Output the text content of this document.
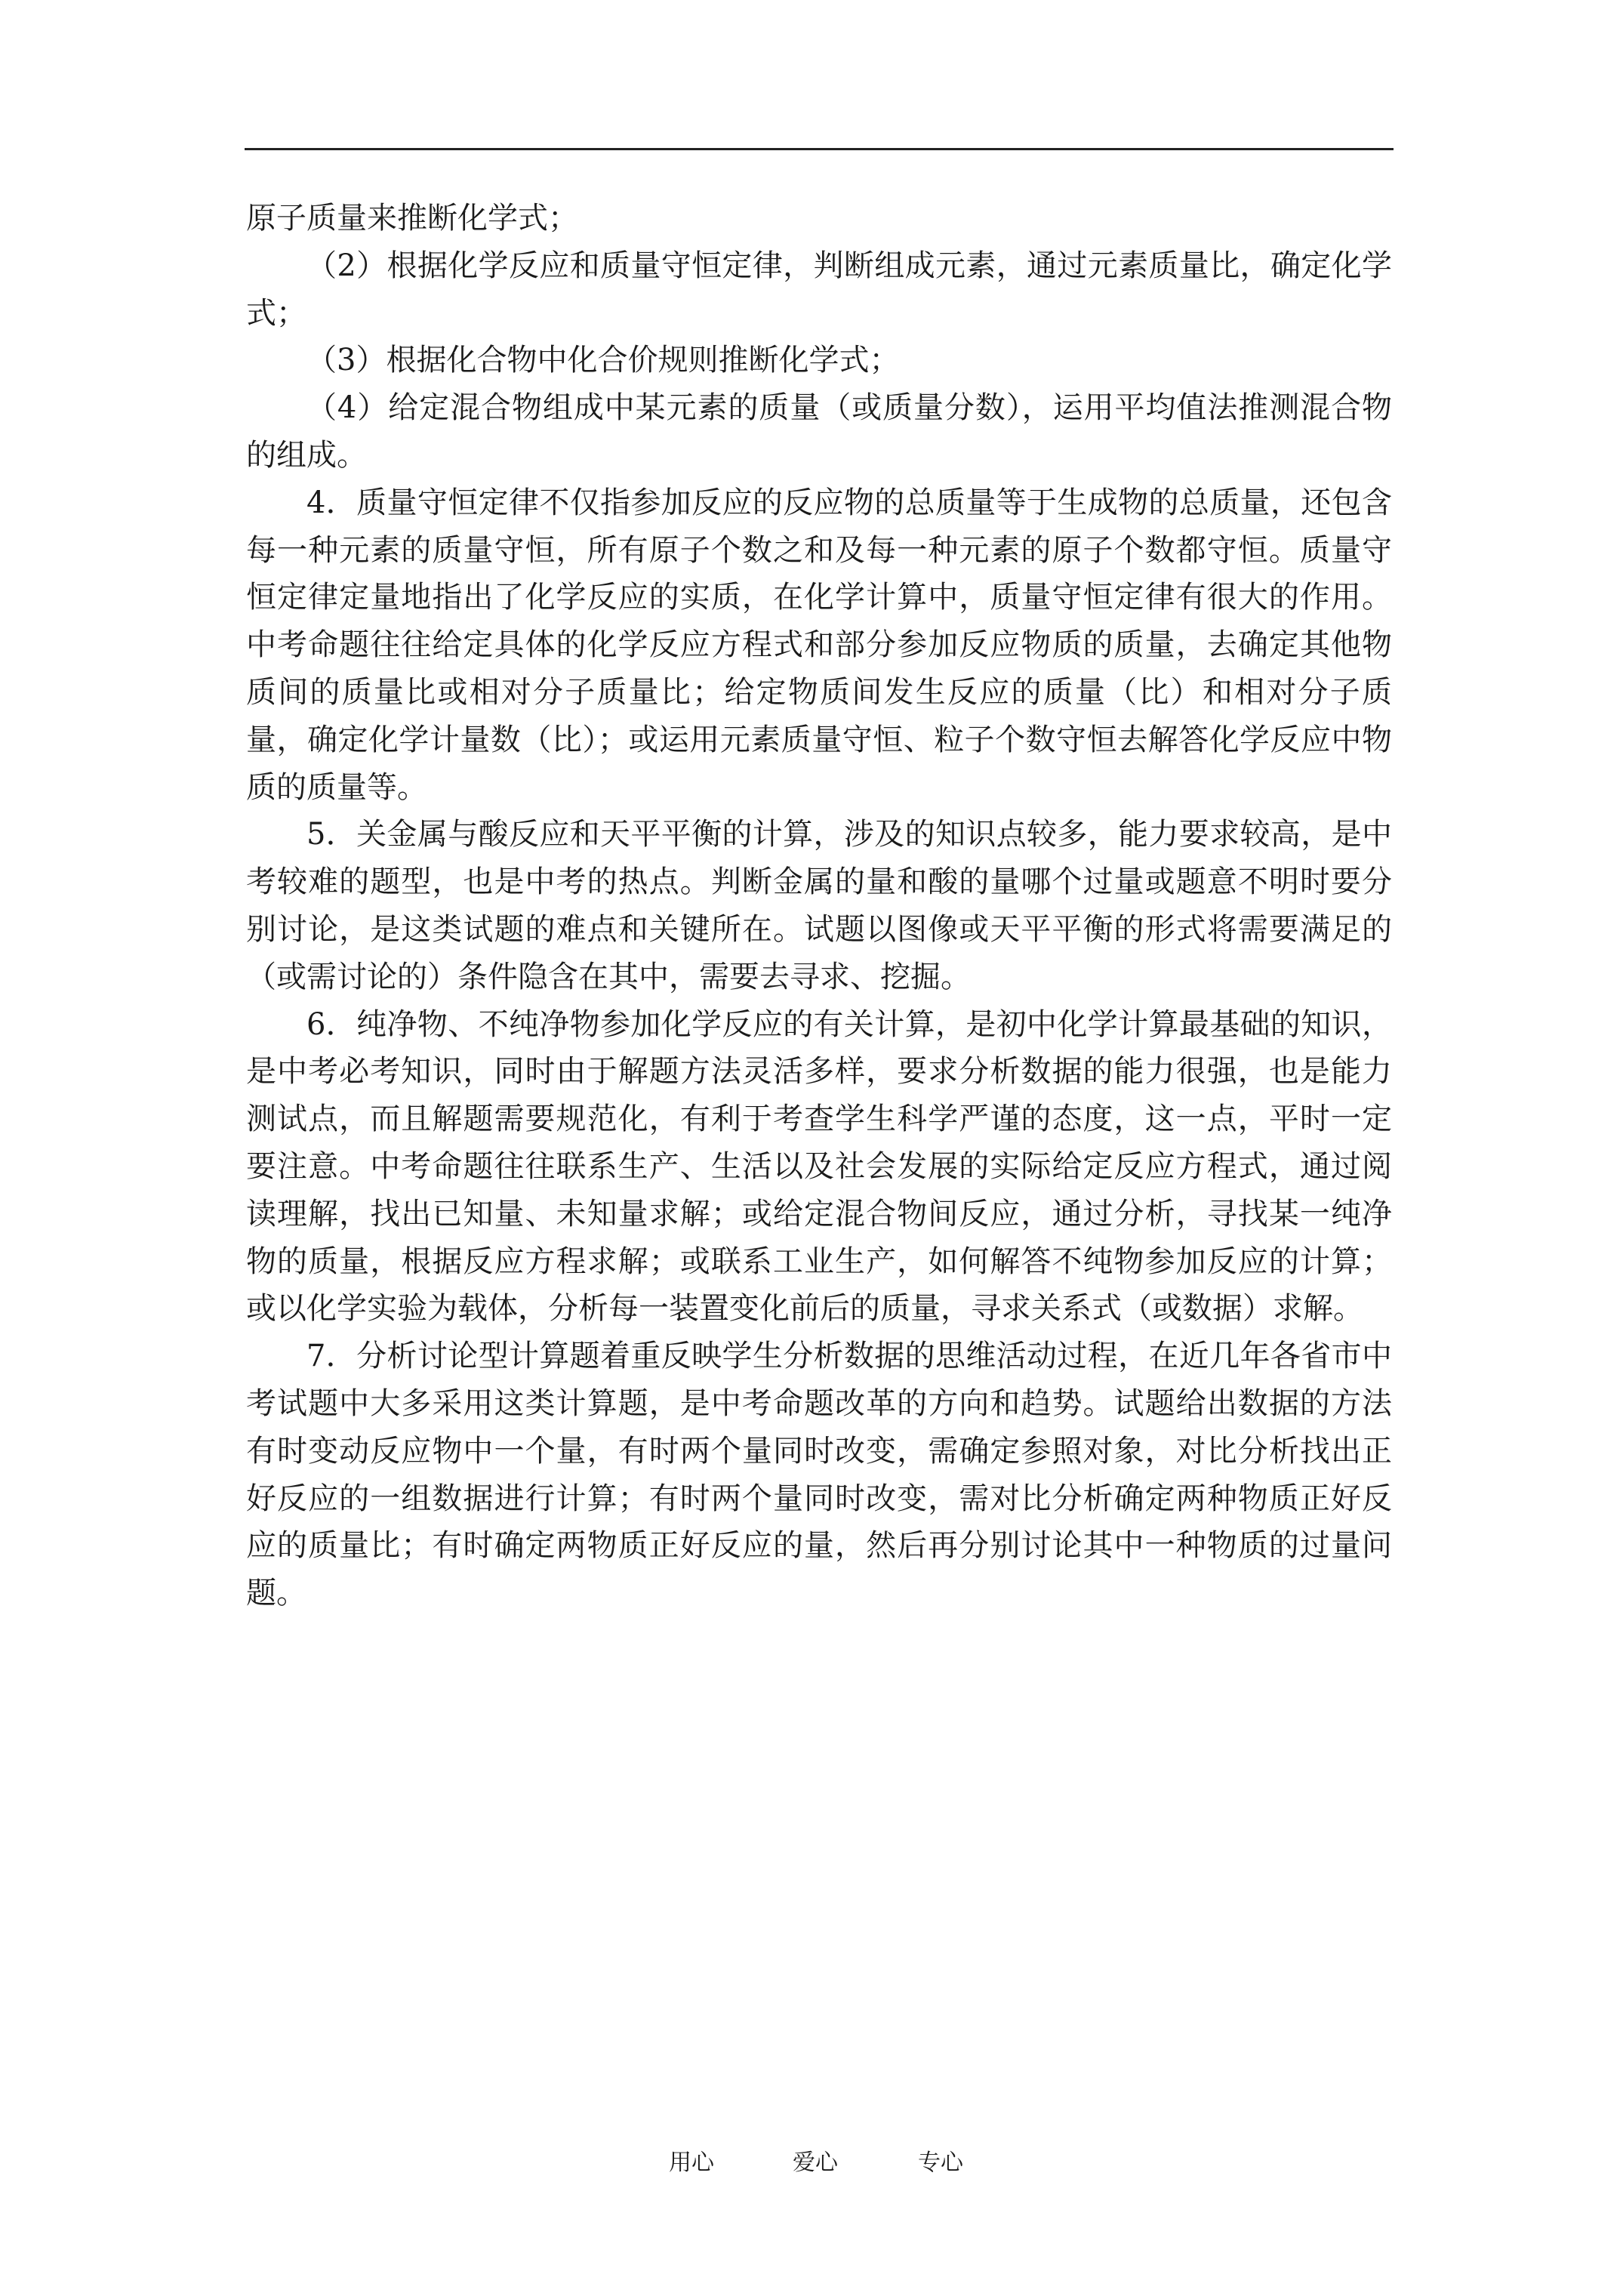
原子质量来推断化学式；

（2）根据化学反应和质量守恒定律，判断组成元素，通过元素质量比，确定化学式；

（3）根据化合物中化合价规则推断化学式；

（4）给定混合物组成中某元素的质量（或质量分数），运用平均值法推测混合物的组成。

4．质量守恒定律不仅指参加反应的反应物的总质量等于生成物的总质量，还包含每一种元素的质量守恒，所有原子个数之和及每一种元素的原子个数都守恒。质量守恒定律定量地指出了化学反应的实质，在化学计算中，质量守恒定律有很大的作用。中考命题往往给定具体的化学反应方程式和部分参加反应物质的质量，去确定其他物质间的质量比或相对分子质量比；给定物质间发生反应的质量（比）和相对分子质量，确定化学计量数（比）；或运用元素质量守恒、粒子个数守恒去解答化学反应中物质的质量等。

5．关金属与酸反应和天平平衡的计算，涉及的知识点较多，能力要求较高，是中考较难的题型，也是中考的热点。判断金属的量和酸的量哪个过量或题意不明时要分别讨论，是这类试题的难点和关键所在。试题以图像或天平平衡的形式将需要满足的（或需讨论的）条件隐含在其中，需要去寻求、挖掘。

6．纯净物、不纯净物参加化学反应的有关计算，是初中化学计算最基础的知识，是中考必考知识，同时由于解题方法灵活多样，要求分析数据的能力很强，也是能力测试点，而且解题需要规范化，有利于考查学生科学严谨的态度，这一点，平时一定要注意。中考命题往往联系生产、生活以及社会发展的实际给定反应方程式，通过阅读理解，找出已知量、未知量求解；或给定混合物间反应，通过分析，寻找某一纯净物的质量，根据反应方程求解；或联系工业生产，如何解答不纯物参加反应的计算；或以化学实验为载体，分析每一装置变化前后的质量，寻求关系式（或数据）求解。

7．分析讨论型计算题着重反映学生分析数据的思维活动过程，在近几年各省市中考试题中大多采用这类计算题，是中考命题改革的方向和趋势。试题给出数据的方法有时变动反应物中一个量，有时两个量同时改变，需确定参照对象，对比分析找出正好反应的一组数据进行计算；有时两个量同时改变，需对比分析确定两种物质正好反应的质量比；有时确定两物质正好反应的量，然后再分别讨论其中一种物质的过量问题。

用心	爱心	专心
